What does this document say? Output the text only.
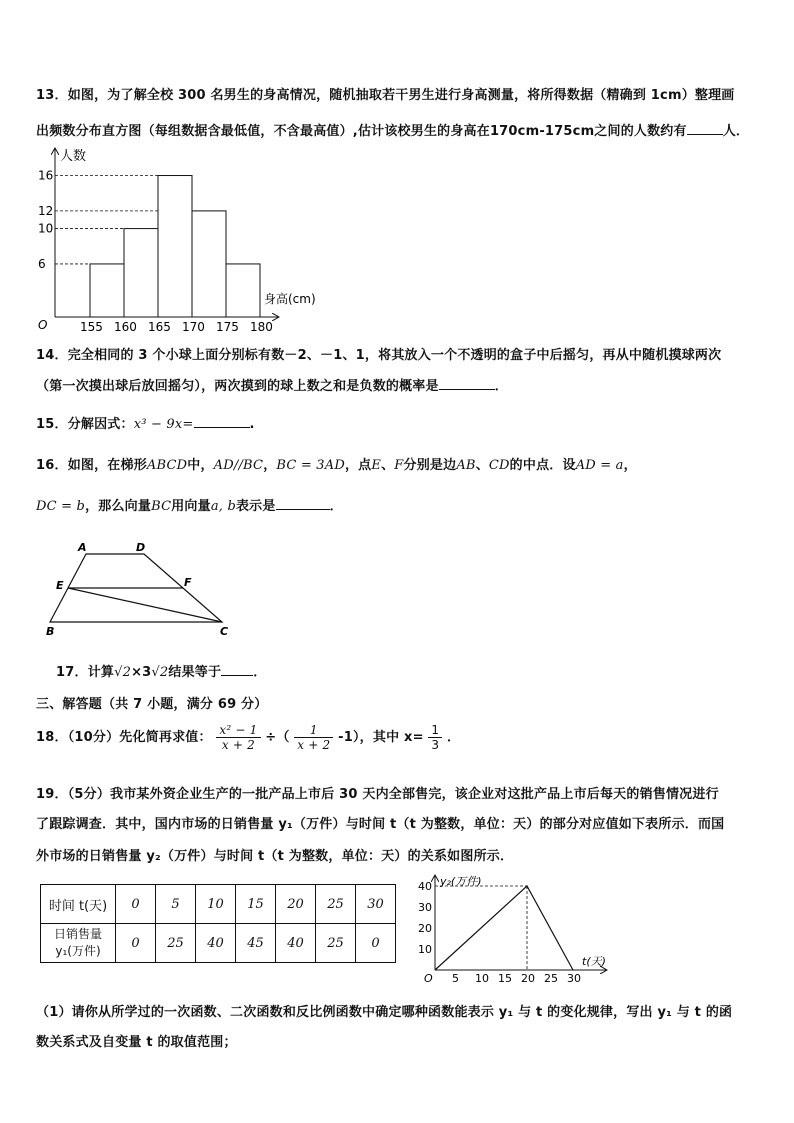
13．如图，为了解全校 300 名男生的身高情况，随机抽取若干男生进行身高测量，将所得数据（精确到 1cm）整理画
出频数分布直方图（每组数据含最低值，不含最高值）,估计该校男生的身高在170cm-175cm之间的人数约有	人．
人数
身高(cm)
O
6
10
12
16
155 160 165 170 175 180
14．完全相同的 3 个小球上面分别标有数－2、－1、1，将其放入一个不透明的盒子中后摇匀，再从中随机摸球两次
（第一次摸出球后放回摇匀），两次摸到的球上数之和是负数的概率是	．
15．分解因式：x³ − 9x=	.
16．如图，在梯形ABCD中，AD//BC，BC = 3AD，点E、F分别是边AB、CD的中点．设AD = a，
DC = b，那么向量BC用向量a, b表示是	．
A	D
E	F
B	C
17．计算√2×3√2结果等于 ．
三、解答题（共 7 小题，满分 69 分）
18．（10分）先化简再求值： $\frac{\text{x² − 1}}{x + 2}$ ÷（ $\frac{1}{x + 2} -1$），其中 $x= \frac{1}{3}$ ．
19．（5分）我市某外资企业生产的一批产品上市后 30 天内全部售完，该企业对这批产品上市后每天的销售情况进行
了跟踪调查．其中，国内市场的日销售量 y₁（万件）与时间 t（t 为整数，单位：天）的部分对应值如下表所示．而国
外市场的日销售量 y₂（万件）与时间 t（t 为整数，单位：天）的关系如图所示．
时间 t(天)	0	5	10	15	20	25	30
日销售量
y₁(万件)	0	25	40	45	40	25	0
y₂(万件)
t(天)
O
10
20
30
40
5 10 15 20 25 30
（1）请你从所学过的一次函数、二次函数和反比例函数中确定哪种函数能表示 y₁ 与 t 的变化规律，写出 y₁ 与 t 的函
数关系式及自变量 t 的取值范围；
